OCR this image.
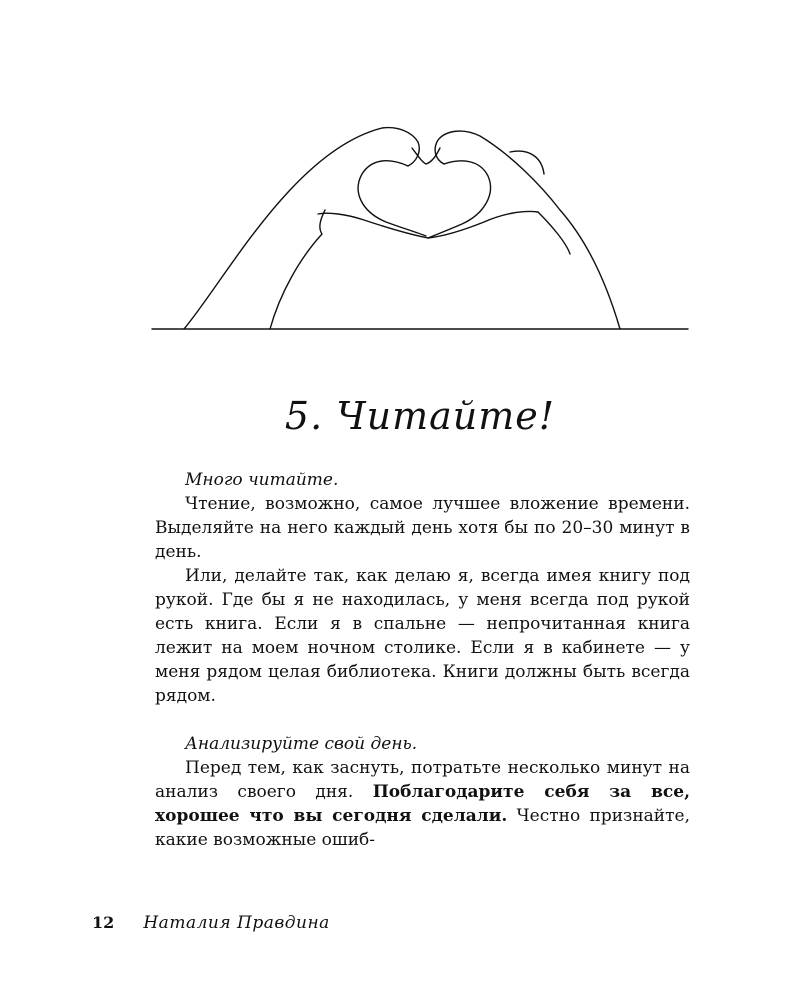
5. Читайте!

Много читайте.

Чтение, возможно, самое лучшее вложение времени. Выделяйте на него каждый день хотя бы по 20–30 минут в день.

Или, делайте так, как делаю я, всегда имея книгу под рукой. Где бы я не находилась, у меня всегда под рукой есть книга. Если я в спальне — непрочитанная книга лежит на моем ночном столике. Если я в кабинете — у меня рядом целая библиотека. Книги должны быть всегда рядом.

Анализируйте свой день.

Перед тем, как заснуть, потратьте несколько минут на анализ своего дня. Поблагодарите себя за все, хорошее что вы сегодня сделали. Честно признайте, какие возможные ошиб-

12 Наталия Правдина
